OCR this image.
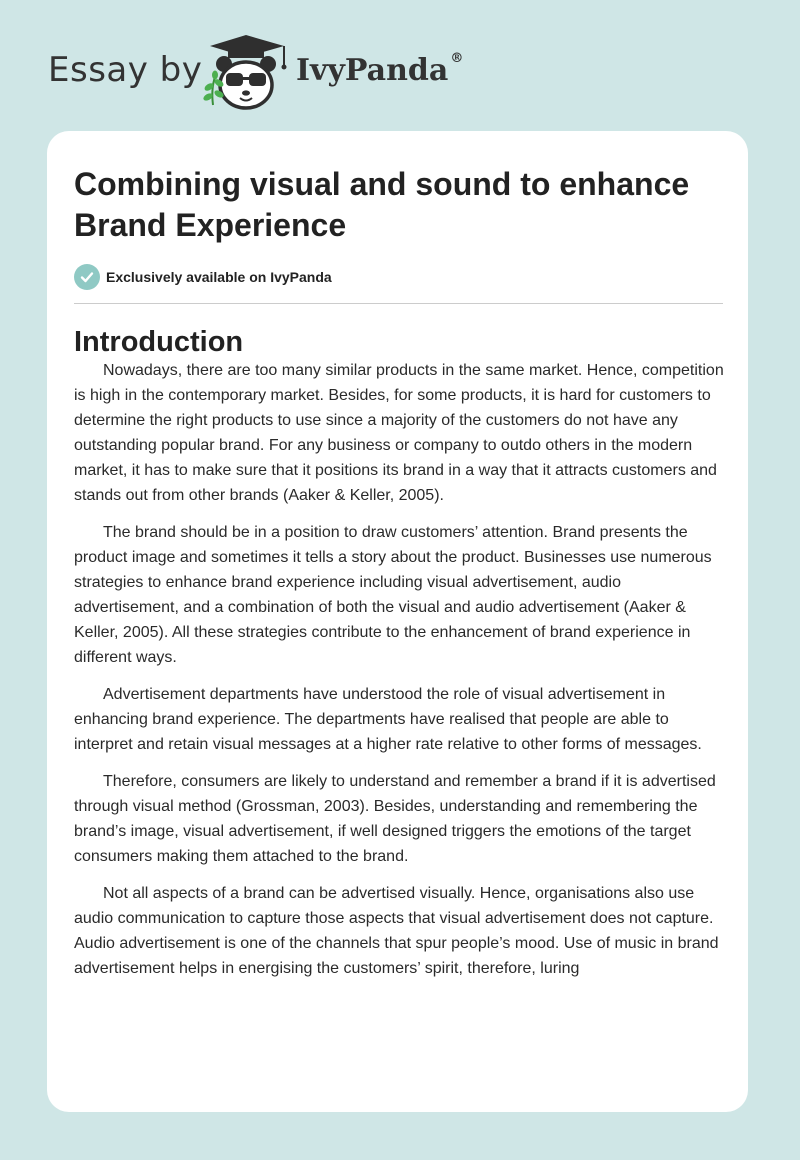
Essay by	IvyPanda ®
Combining visual and sound to enhance Brand Experience
Exclusively available on IvyPanda
Introduction

Nowadays, there are too many similar products in the same market. Hence, competition is high in the contemporary market. Besides, for some products, it is hard for customers to determine the right products to use since a majority of the customers do not have any outstanding popular brand. For any business or company to outdo others in the modern market, it has to make sure that it positions its brand in a way that it attracts customers and stands out from other brands (Aaker & Keller, 2005).

The brand should be in a position to draw customers’ attention. Brand presents the product image and sometimes it tells a story about the product. Businesses use numerous strategies to enhance brand experience including visual advertisement, audio advertisement, and a combination of both the visual and audio advertisement (Aaker & Keller, 2005). All these strategies contribute to the enhancement of brand experience in different ways.

Advertisement departments have understood the role of visual advertisement in enhancing brand experience. The departments have realised that people are able to interpret and retain visual messages at a higher rate relative to other forms of messages.

Therefore, consumers are likely to understand and remember a brand if it is advertised through visual method (Grossman, 2003). Besides, understanding and remembering the brand’s image, visual advertisement, if well designed triggers the emotions of the target consumers making them attached to the brand.

Not all aspects of a brand can be advertised visually. Hence, organisations also use audio communication to capture those aspects that visual advertisement does not capture. Audio advertisement is one of the channels that spur people’s mood. Use of music in brand advertisement helps in energising the customers’ spirit, therefore, luring
